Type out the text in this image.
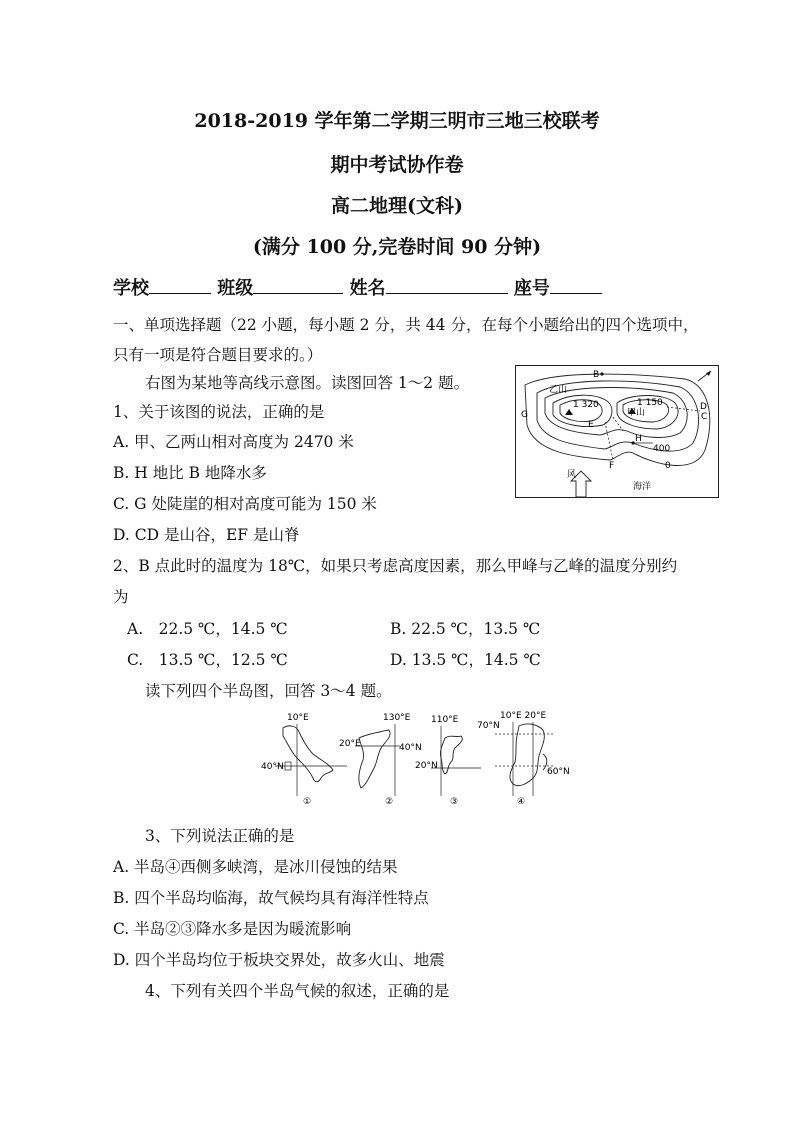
2018-2019 学年第二学期三明市三地三校联考
期中考试协作卷
高二地理(文科)
(满分 100 分,完卷时间 90 分钟)
学校	班级	姓名	座号
一、单项选择题（22 小题，每小题 2 分，共 44 分，在每个小题给出的四个选项中，
只有一项是符合题目要求的。）
右图为某地等高线示意图。读图回答 1～2 题。
1、关于该图的说法，正确的是
A. 甲、乙两山相对高度为 2470 米
B. H 地比 B 地降水多
C. G 处陡崖的相对高度可能为 150 米
D. CD 是山谷，EF 是山脊
乙山
1 320	1 150
甲山
B
C
D
E
F
G
H
400
0
海洋
风
2、B 点此时的温度为 18℃，如果只考虑高度因素，那么甲峰与乙峰的温度分别约
为
A.　22.5 ℃，14.5 ℃	B. 22.5 ℃，13.5 ℃
C.　13.5 ℃，12.5 ℃	D. 13.5 ℃，14.5 ℃
读下列四个半岛图，回答 3～4 题。
10°E
40°N
①
130°E
20°E	40°N
②
110°E
20°N
③
10°E 20°E
70°N
60°N
④
3、下列说法正确的是
A. 半岛④西侧多峡湾，是冰川侵蚀的结果
B. 四个半岛均临海，故气候均具有海洋性特点
C. 半岛②③降水多是因为暖流影响
D. 四个半岛均位于板块交界处，故多火山、地震
4、下列有关四个半岛气候的叙述，正确的是
